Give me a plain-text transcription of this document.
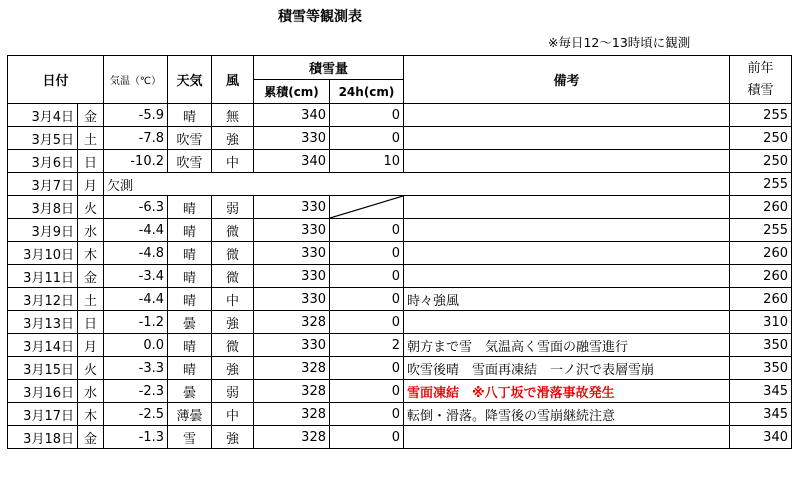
積雪等観測表
※毎日12～13時頃に観測
日付		気温（℃）	天気	風	積雪量		備考	前年
積雪

					累積(cm)	24h(cm)		
3月4日	金	-5.9	晴	無	340	0		255
3月5日	土	-7.8	吹雪	強	330	0		250
3月6日	日	-10.2	吹雪	中	340	10		250
3月7日	月	欠測						255
3月8日	火	-6.3	晴	弱	330			260
3月9日	水	-4.4	晴	微	330	0		255
3月10日	木	-4.8	晴	微	330	0		260
3月11日	金	-3.4	晴	微	330	0		260
3月12日	土	-4.4	晴	中	330	0	時々強風	260
3月13日	日	-1.2	曇	強	328	0		310
3月14日	月	0.0	晴	微	330	2	朝方まで雪　気温高く雪面の融雪進行	350
3月15日	火	-3.3	晴	強	328	0	吹雪後晴　雪面再凍結　一ノ沢で表層雪崩	350
3月16日	水	-2.3	曇	弱	328	0	雪面凍結　※八丁坂で滑落事故発生	345
3月17日	木	-2.5	薄曇	中	328	0	転倒・滑落。降雪後の雪崩継続注意	345
3月18日	金	-1.3	雪	強	328	0		340
